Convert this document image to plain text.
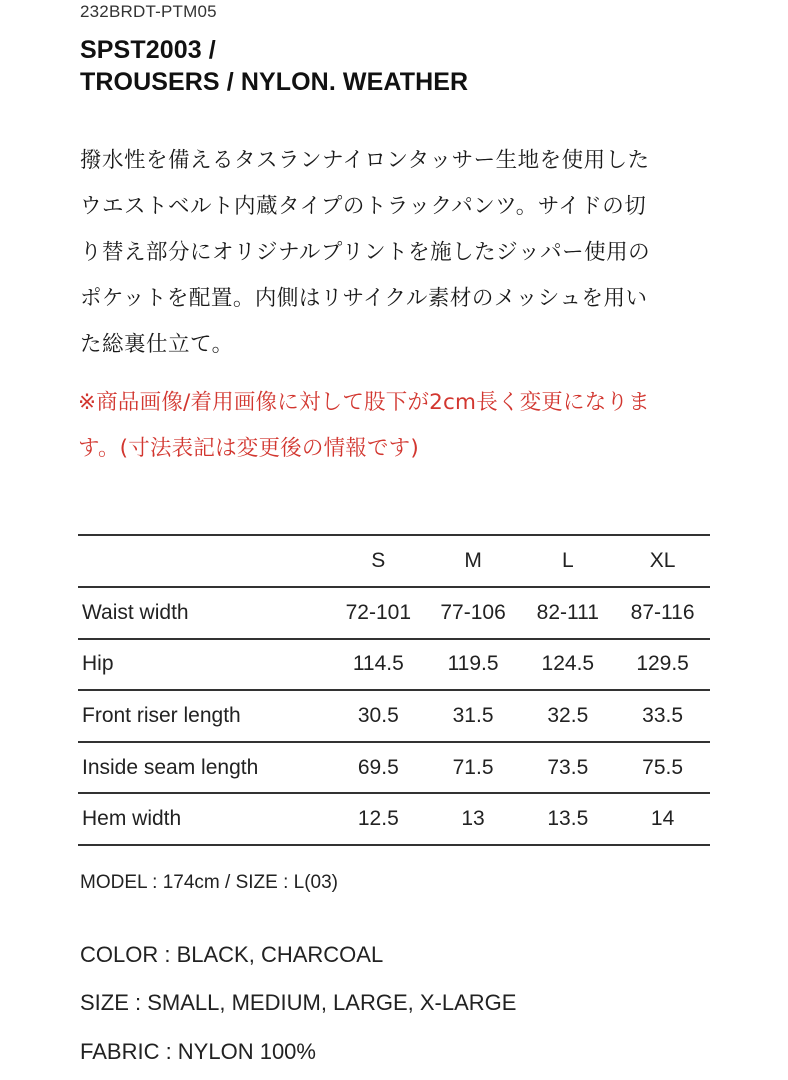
232BRDT-PTM05
SPST2003 /
TROUSERS / NYLON. WEATHER
撥水性を備えるタスランナイロンタッサー生地を使用した
ウエストベルト内蔵タイプのトラックパンツ。サイドの切
り替え部分にオリジナルプリントを施したジッパー使用の
ポケットを配置。内側はリサイクル素材のメッシュを用い
た総裏仕立て。
※商品画像/着用画像に対して股下が2cm長く変更になりま
す。(寸法表記は変更後の情報です)
	S	M	L	XL
Waist width	72-101	77-106	82-111	87-116
Hip	114.5	119.5	124.5	129.5
Front riser length	30.5	31.5	32.5	33.5
Inside seam length	69.5	71.5	73.5	75.5
Hem width	12.5	13	13.5	14
MODEL : 174cm / SIZE : L(03)
COLOR : BLACK, CHARCOAL
SIZE : SMALL, MEDIUM, LARGE, X-LARGE
FABRIC : NYLON 100%
